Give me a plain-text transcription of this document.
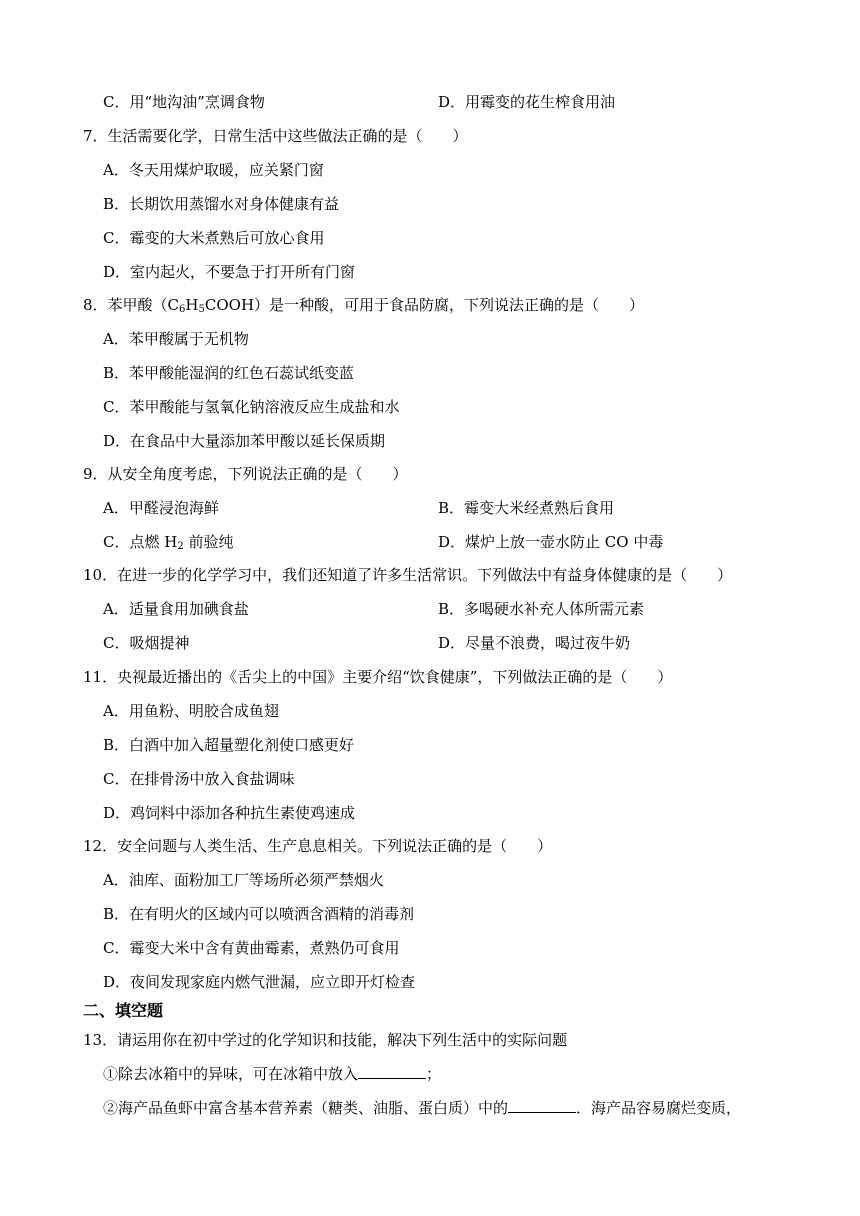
C．用“地沟油”烹调食物	D．用霉变的花生榨食用油
7．生活需要化学，日常生活中这些做法正确的是（　　）
A．冬天用煤炉取暖，应关紧门窗
B．长期饮用蒸馏水对身体健康有益
C．霉变的大米煮熟后可放心食用
D．室内起火，不要急于打开所有门窗
8．苯甲酸$(C_6H_5COOH)$是一种酸，可用于食品防腐，下列说法正确的是（　　）
A．苯甲酸属于无机物
B．苯甲酸能湿润的红色石蕊试纸变蓝
C．苯甲酸能与氢氧化钠溶液反应生成盐和水
D．在食品中大量添加苯甲酸以延长保质期
9．从安全角度考虑，下列说法正确的是（　　）
A．甲醛浸泡海鲜	B．霉变大米经煮熟后食用
C．点燃 $H_2$ 前验纯	D．煤炉上放一壶水防止 CO 中毒
10．在进一步的化学学习中，我们还知道了许多生活常识。下列做法中有益身体健康的是（　　）
A．适量食用加碘食盐	B．多喝硬水补充人体所需元素
C．吸烟提神	D．尽量不浪费，喝过夜牛奶
11．央视最近播出的《舌尖上的中国》主要介绍“饮食健康”，下列做法正确的是（　　）
A．用鱼粉、明胶合成鱼翅
B．白酒中加入超量塑化剂使口感更好
C．在排骨汤中放入食盐调味
D．鸡饲料中添加各种抗生素使鸡速成
12．安全问题与人类生活、生产息息相关。下列说法正确的是（　　）
A．油库、面粉加工厂等场所必须严禁烟火
B．在有明火的区域内可以喷洒含酒精的消毒剂
C．霉变大米中含有黄曲霉素，煮熟仍可食用
D．夜间发现家庭内燃气泄漏，应立即开灯检查
二、填空题
13．请运用你在初中学过的化学知识和技能，解决下列生活中的实际问题
①除去冰箱中的异味，可在冰箱中放入	；
②海产品鱼虾中富含基本营养素（糖类、油脂、蛋白质）中的	．海产品容易腐烂变质，
